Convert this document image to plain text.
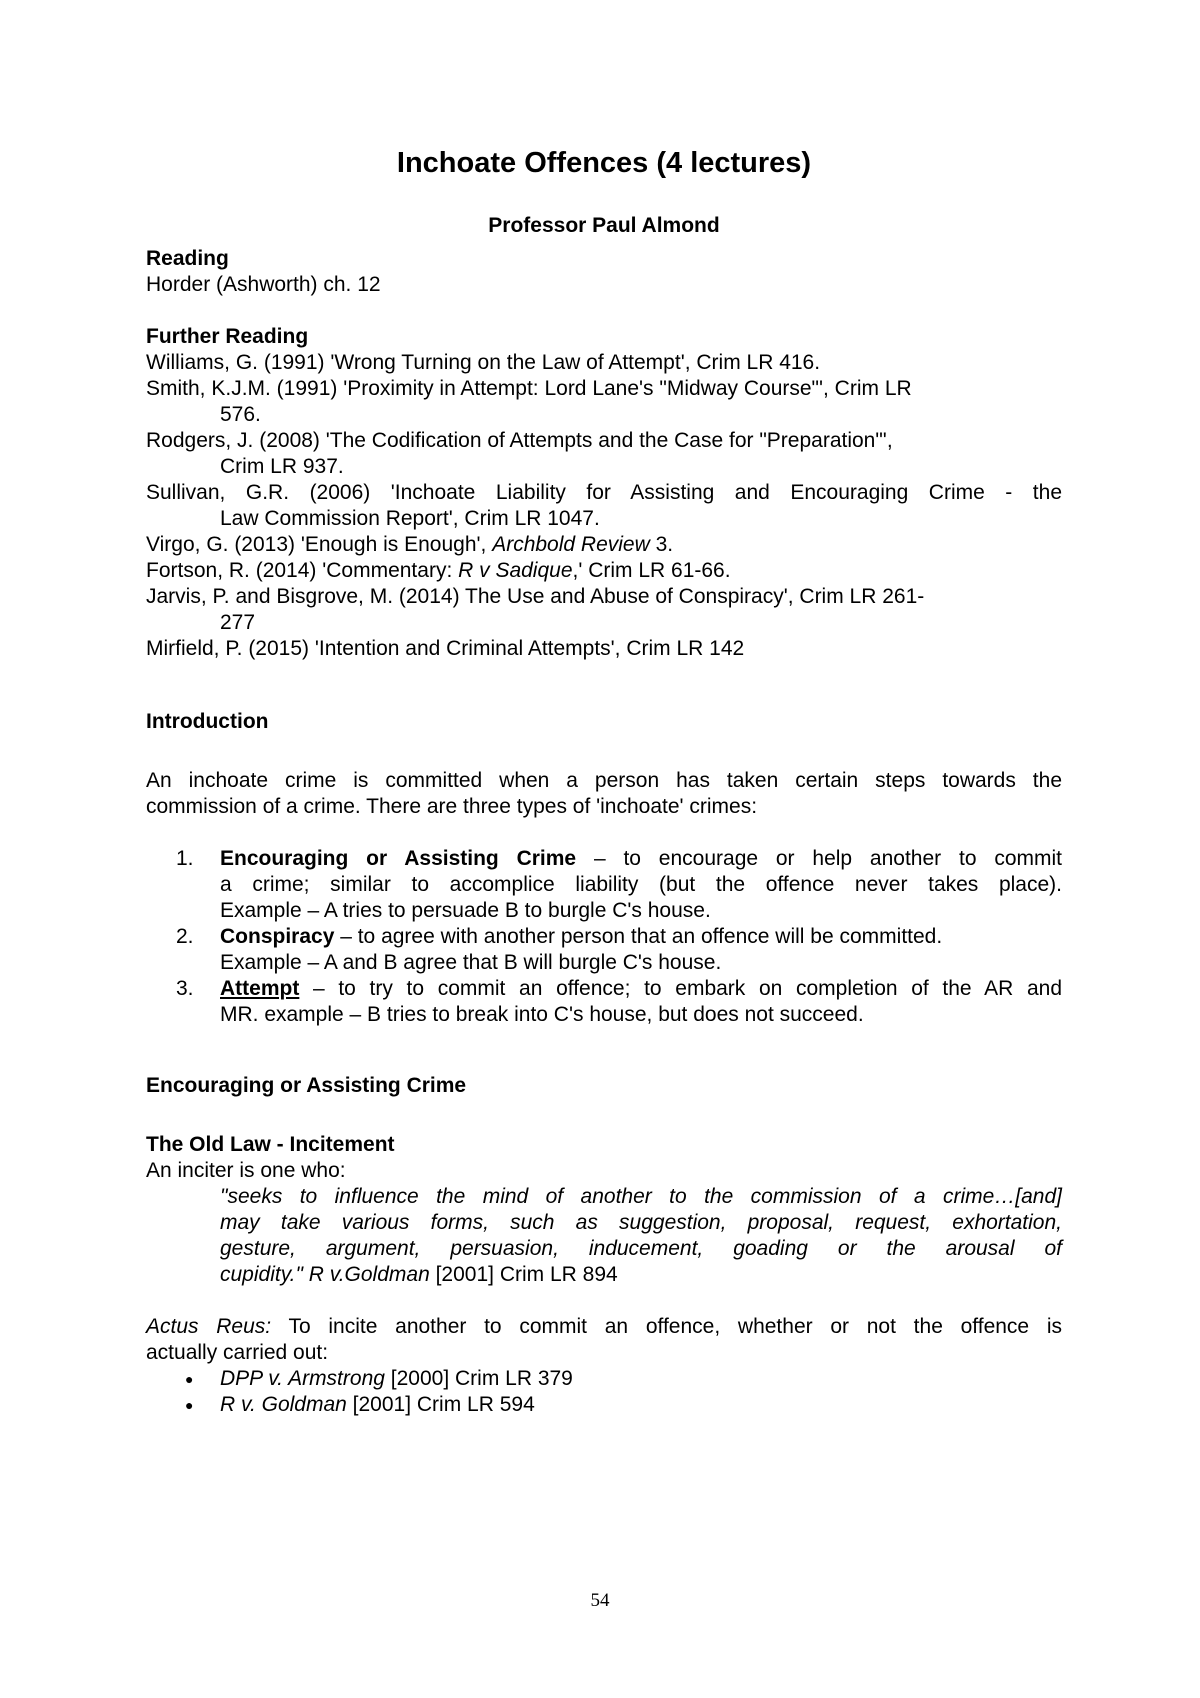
Inchoate Offences (4 lectures)
Professor Paul Almond
Reading
Horder (Ashworth) ch. 12
Further Reading
Williams, G. (1991) 'Wrong Turning on the Law of Attempt', Crim LR 416.
Smith, K.J.M. (1991) 'Proximity in Attempt: Lord Lane's "Midway Course"', Crim LR
576.
Rodgers, J. (2008) 'The Codification of Attempts and the Case for "Preparation"',
Crim LR 937.
Sullivan, G.R. (2006) 'Inchoate Liability for Assisting and Encouraging Crime - the
Law Commission Report', Crim LR 1047.
Virgo, G. (2013) 'Enough is Enough', Archbold Review 3.
Fortson, R. (2014) 'Commentary: R v Sadique,' Crim LR 61-66.
Jarvis, P. and Bisgrove, M. (2014) The Use and Abuse of Conspiracy', Crim LR 261-
277
Mirfield, P. (2015) 'Intention and Criminal Attempts', Crim LR 142
Introduction
An inchoate crime is committed when a person has taken certain steps towards the
commission of a crime. There are three types of 'inchoate' crimes:
1. Encouraging or Assisting Crime – to encourage or help another to commit
a crime; similar to accomplice liability (but the offence never takes place).
Example – A tries to persuade B to burgle C's house.
2. Conspiracy – to agree with another person that an offence will be committed.
Example – A and B agree that B will burgle C's house.
3. Attempt – to try to commit an offence; to embark on completion of the AR and
MR. example – B tries to break into C's house, but does not succeed.
Encouraging or Assisting Crime
The Old Law - Incitement
An inciter is one who:
"seeks to influence the mind of another to the commission of a crime…[and]
may take various forms, such as suggestion, proposal, request, exhortation,
gesture, argument, persuasion, inducement, goading or the arousal of
cupidity." R v.Goldman [2001] Crim LR 894
Actus Reus: To incite another to commit an offence, whether or not the offence is
actually carried out:
● DPP v. Armstrong [2000] Crim LR 379
● R v. Goldman [2001] Crim LR 594
54
